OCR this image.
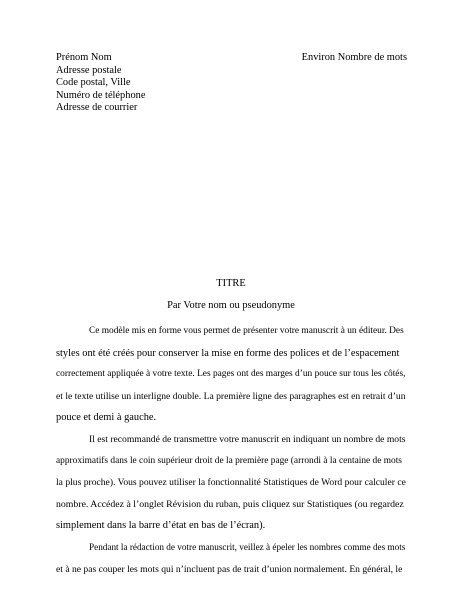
Prénom Nom
Adresse postale
Code postal, Ville
Numéro de téléphone
Adresse de courrier
Environ Nombre de mots
TITRE
Par Votre nom ou pseudonyme
Ce modèle mis en forme vous permet de présenter votre manuscrit à un éditeur. Des
styles ont été créés pour conserver la mise en forme des polices et de l’espacement
correctement appliquée à votre texte. Les pages ont des marges d’un pouce sur tous les côtés,
et le texte utilise un interligne double. La première ligne des paragraphes est en retrait d’un
pouce et demi à gauche.
Il est recommandé de transmettre votre manuscrit en indiquant un nombre de mots
approximatifs dans le coin supérieur droit de la première page (arrondi à la centaine de mots
la plus proche). Vous pouvez utiliser la fonctionnalité Statistiques de Word pour calculer ce
nombre. Accédez à l’onglet Révision du ruban, puis cliquez sur Statistiques (ou regardez
simplement dans la barre d’état en bas de l’écran).
Pendant la rédaction de votre manuscrit, veillez à épeler les nombres comme des mots
et à ne pas couper les mots qui n’incluent pas de trait d’union normalement. En général, le
